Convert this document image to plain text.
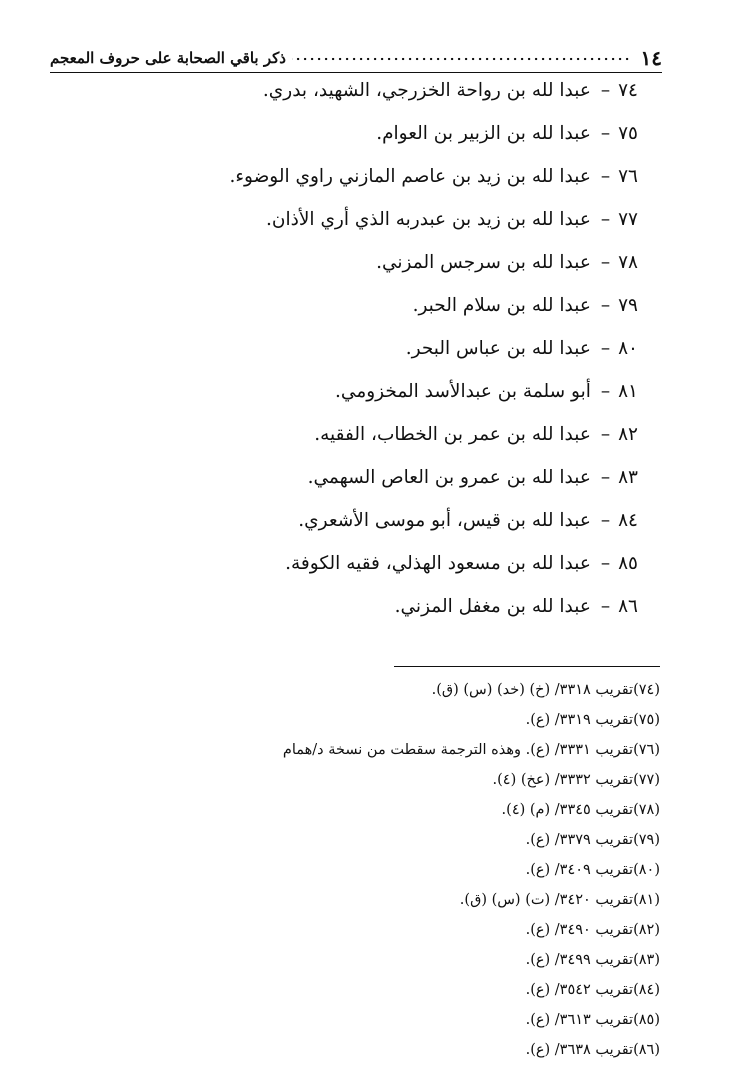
١٤
ذكر باقي الصحابة على حروف المعجم
٧٤–عبدا لله بن رواحة الخزرجي، الشهيد، بدري.
٧٥–عبدا لله بن الزبير بن العوام.
٧٦–عبدا لله بن زيد بن عاصم المازني راوي الوضوء.
٧٧–عبدا لله بن زيد بن عبدربه الذي أري الأذان.
٧٨–عبدا لله بن سرجس المزني.
٧٩–عبدا لله بن سلام الحبر.
٨٠–عبدا لله بن عباس البحر.
٨١–أبو سلمة بن عبدالأسد المخزومي.
٨٢–عبدا لله بن عمر بن الخطاب، الفقيه.
٨٣–عبدا لله بن عمرو بن العاص السهمي.
٨٤–عبدا لله بن قيس، أبو موسى الأشعري.
٨٥–عبدا لله بن مسعود الهذلي، فقيه الكوفة.
٨٦–عبدا لله بن مغفل المزني.
(٧٤)تقريب ٣٣١٨/ (خ) (خد) (س) (ق).
(٧٥)تقريب ٣٣١٩/ (ع).
(٧٦)تقريب ٣٣٣١/ (ع). وهذه الترجمة سقطت من نسخة د/همام
(٧٧)تقريب ٣٣٣٢/ (عخ) (٤).
(٧٨)تقريب ٣٣٤٥/ (م) (٤).
(٧٩)تقريب ٣٣٧٩/ (ع).
(٨٠)تقريب ٣٤٠٩/ (ع).
(٨١)تقريب ٣٤٢٠/ (ت) (س) (ق).
(٨٢)تقريب ٣٤٩٠/ (ع).
(٨٣)تقريب ٣٤٩٩/ (ع).
(٨٤)تقريب ٣٥٤٢/ (ع).
(٨٥)تقريب ٣٦١٣/ (ع).
(٨٦)تقريب ٣٦٣٨/ (ع).
